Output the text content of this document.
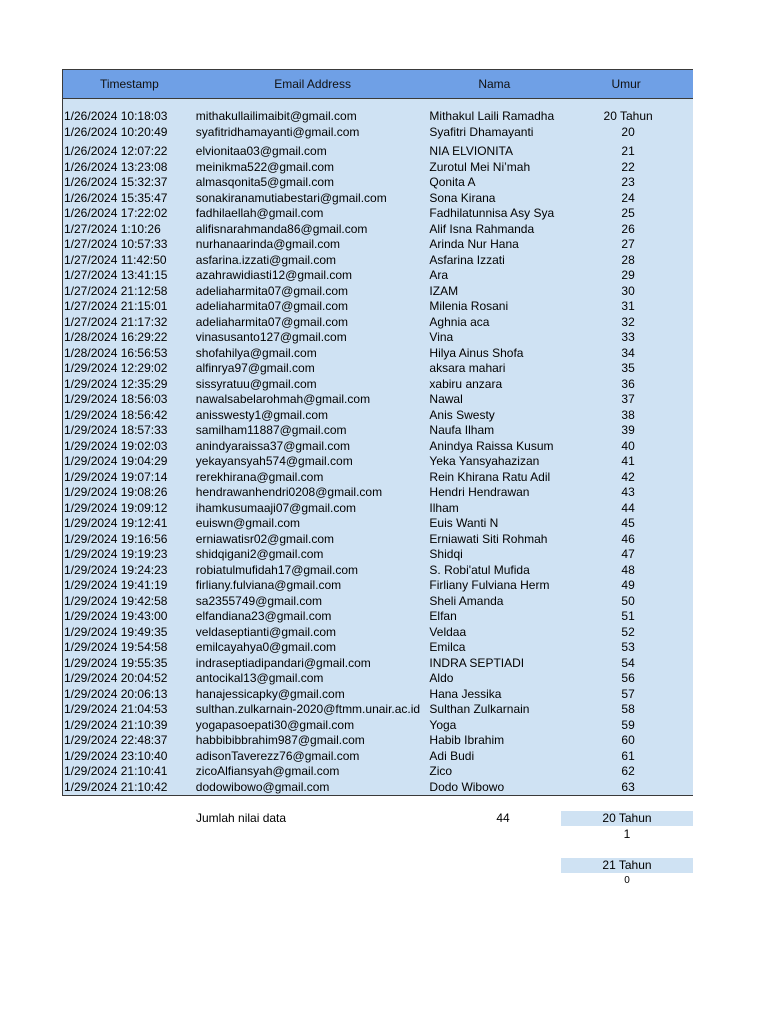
Timestamp	Email Address	Nama	Umur
1/26/2024 10:18:03	mithakullailimaibit@gmail.com	Mithakul Laili Ramadha	20 Tahun
1/26/2024 10:20:49	syafitridhamayanti@gmail.com	Syafitri Dhamayanti	20
1/26/2024 12:07:22	elvionitaa03@gmail.com	NIA ELVIONITA	21
1/26/2024 13:23:08	meinikma522@gmail.com	Zurotul Mei Ni’mah	22
1/26/2024 15:32:37	almasqonita5@gmail.com	Qonita A	23
1/26/2024 15:35:47	sonakiranamutiabestari@gmail.com	Sona Kirana	24
1/26/2024 17:22:02	fadhilaellah@gmail.com	Fadhilatunnisa Asy Sya	25
1/27/2024 1:10:26	alifisnarahmanda86@gmail.com	Alif Isna Rahmanda	26
1/27/2024 10:57:33	nurhanaarinda@gmail.com	Arinda Nur Hana	27
1/27/2024 11:42:50	asfarina.izzati@gmail.com	Asfarina Izzati	28
1/27/2024 13:41:15	azahrawidiasti12@gmail.com	Ara	29
1/27/2024 21:12:58	adeliaharmita07@gmail.com	IZAM	30
1/27/2024 21:15:01	adeliaharmita07@gmail.com	Milenia Rosani	31
1/27/2024 21:17:32	adeliaharmita07@gmail.com	Aghnia aca	32
1/28/2024 16:29:22	vinasusanto127@gmail.com	Vina	33
1/28/2024 16:56:53	shofahilya@gmail.com	Hilya Ainus Shofa	34
1/29/2024 12:29:02	alfinrya97@gmail.com	aksara mahari	35
1/29/2024 12:35:29	sissyratuu@gmail.com	xabiru anzara	36
1/29/2024 18:56:03	nawalsabelarohmah@gmail.com	Nawal	37
1/29/2024 18:56:42	anisswesty1@gmail.com	Anis Swesty	38
1/29/2024 18:57:33	samilham11887@gmail.com	Naufa Ilham	39
1/29/2024 19:02:03	anindyaraissa37@gmail.com	Anindya Raissa Kusum	40
1/29/2024 19:04:29	yekayansyah574@gmail.com	Yeka Yansyahazizan	41
1/29/2024 19:07:14	rerekhirana@gmail.com	Rein Khirana Ratu Adil	42
1/29/2024 19:08:26	hendrawanhendri0208@gmail.com	Hendri Hendrawan	43
1/29/2024 19:09:12	ihamkusumaaji07@gmail.com	Ilham	44
1/29/2024 19:12:41	euiswn@gmail.com	Euis Wanti N	45
1/29/2024 19:16:56	erniawatisr02@gmail.com	Erniawati Siti Rohmah	46
1/29/2024 19:19:23	shidqigani2@gmail.com	Shidqi	47
1/29/2024 19:24:23	robiatulmufidah17@gmail.com	S. Robi'atul Mufida	48
1/29/2024 19:41:19	firliany.fulviana@gmail.com	Firliany Fulviana Herm	49
1/29/2024 19:42:58	sa2355749@gmail.com	Sheli Amanda	50
1/29/2024 19:43:00	elfandiana23@gmail.com	Elfan	51
1/29/2024 19:49:35	veldaseptianti@gmail.com	Veldaa	52
1/29/2024 19:54:58	emilcayahya0@gmail.com	Emilca	53
1/29/2024 19:55:35	indraseptiadipandari@gmail.com	INDRA SEPTIADI	54
1/29/2024 20:04:52	antocikal13@gmail.com	Aldo	56
1/29/2024 20:06:13	hanajessicapky@gmail.com	Hana Jessika	57
1/29/2024 21:04:53	sulthan.zulkarnain-2020@ftmm.unair.ac.id Sulthan Zulkarnain	58
1/29/2024 21:10:39	yogapasoepati30@gmail.com	Yoga	59
1/29/2024 22:48:37	habbibibbrahim987@gmail.com	Habib Ibrahim	60
1/29/2024 23:10:40	adisonTaverezz76@gmail.com	Adi Budi	61
1/29/2024 21:10:41	zicoAlfiansyah@gmail.com	Zico	62
1/29/2024 21:10:42	dodowibowo@gmail.com	Dodo Wibowo	63
Jumlah nilai data	44	20 Tahun
1
21 Tahun
0
